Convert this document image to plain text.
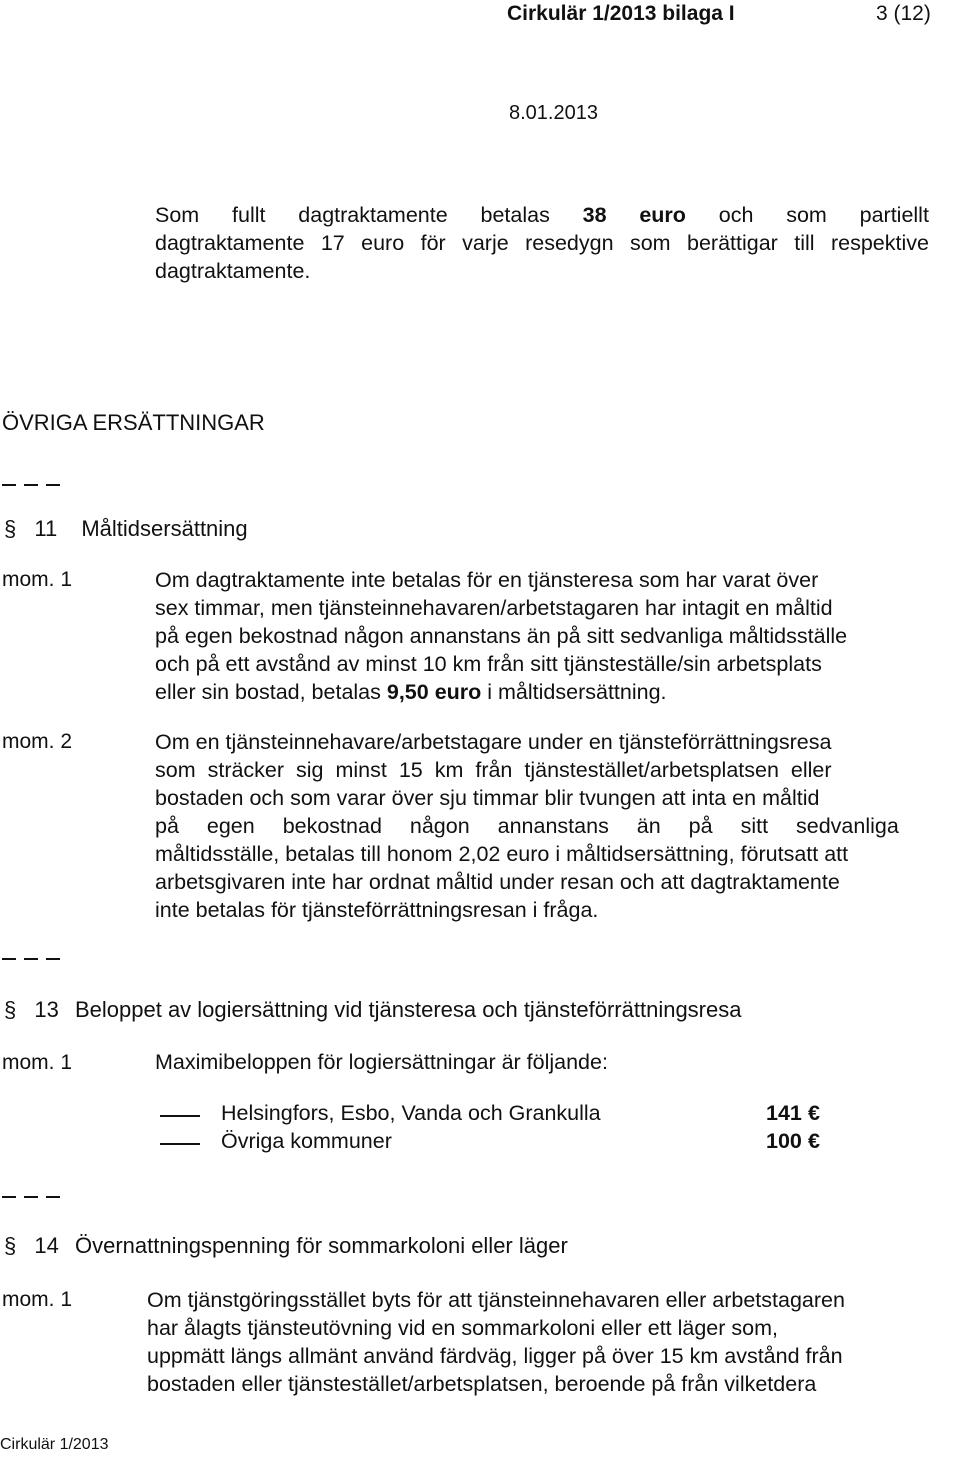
Cirkulär 1/2013 bilaga I	3 (12)
8.01.2013
Som fullt dagtraktamente betalas 38 euro och som partiellt
dagtraktamente 17 euro för varje resedygn som berättigar till respektive
dagtraktamente.
ÖVRIGA ERSÄTTNINGAR
§ 11 Måltidsersättning
mom. 1	Om dagtraktamente inte betalas för en tjänsteresa som har varat över
sex timmar, men tjänsteinnehavaren/arbetstagaren har intagit en måltid
på egen bekostnad någon annanstans än på sitt sedvanliga måltidsställe
och på ett avstånd av minst 10 km från sitt tjänsteställe/sin arbetsplats
eller sin bostad, betalas 9,50 euro i måltidsersättning.
mom. 2	Om en tjänsteinnehavare/arbetstagare under en tjänsteförrättningsresa
som sträcker sig minst 15 km från tjänstestället/arbetsplatsen eller
bostaden och som varar över sju timmar blir tvungen att inta en måltid
på egen bekostnad någon annanstans än på sitt sedvanliga
måltidsställe, betalas till honom 2,02 euro i måltidsersättning, förutsatt att
arbetsgivaren inte har ordnat måltid under resan och att dagtraktamente
inte betalas för tjänsteförrättningsresan i fråga.
§ 13 Beloppet av logiersättning vid tjänsteresa och tjänsteförrättningsresa
mom. 1	Maximibeloppen för logiersättningar är följande:
Helsingfors, Esbo, Vanda och Grankulla	141 €
Övriga kommuner	100 €
§ 14 Övernattningspenning för sommarkoloni eller läger
mom. 1	Om tjänstgöringsstället byts för att tjänsteinnehavaren eller arbetstagaren
har ålagts tjänsteutövning vid en sommarkoloni eller ett läger som,
uppmätt längs allmänt använd färdväg, ligger på över 15 km avstånd från
bostaden eller tjänstestället/arbetsplatsen, beroende på från vilketdera
Cirkulär 1/2013
